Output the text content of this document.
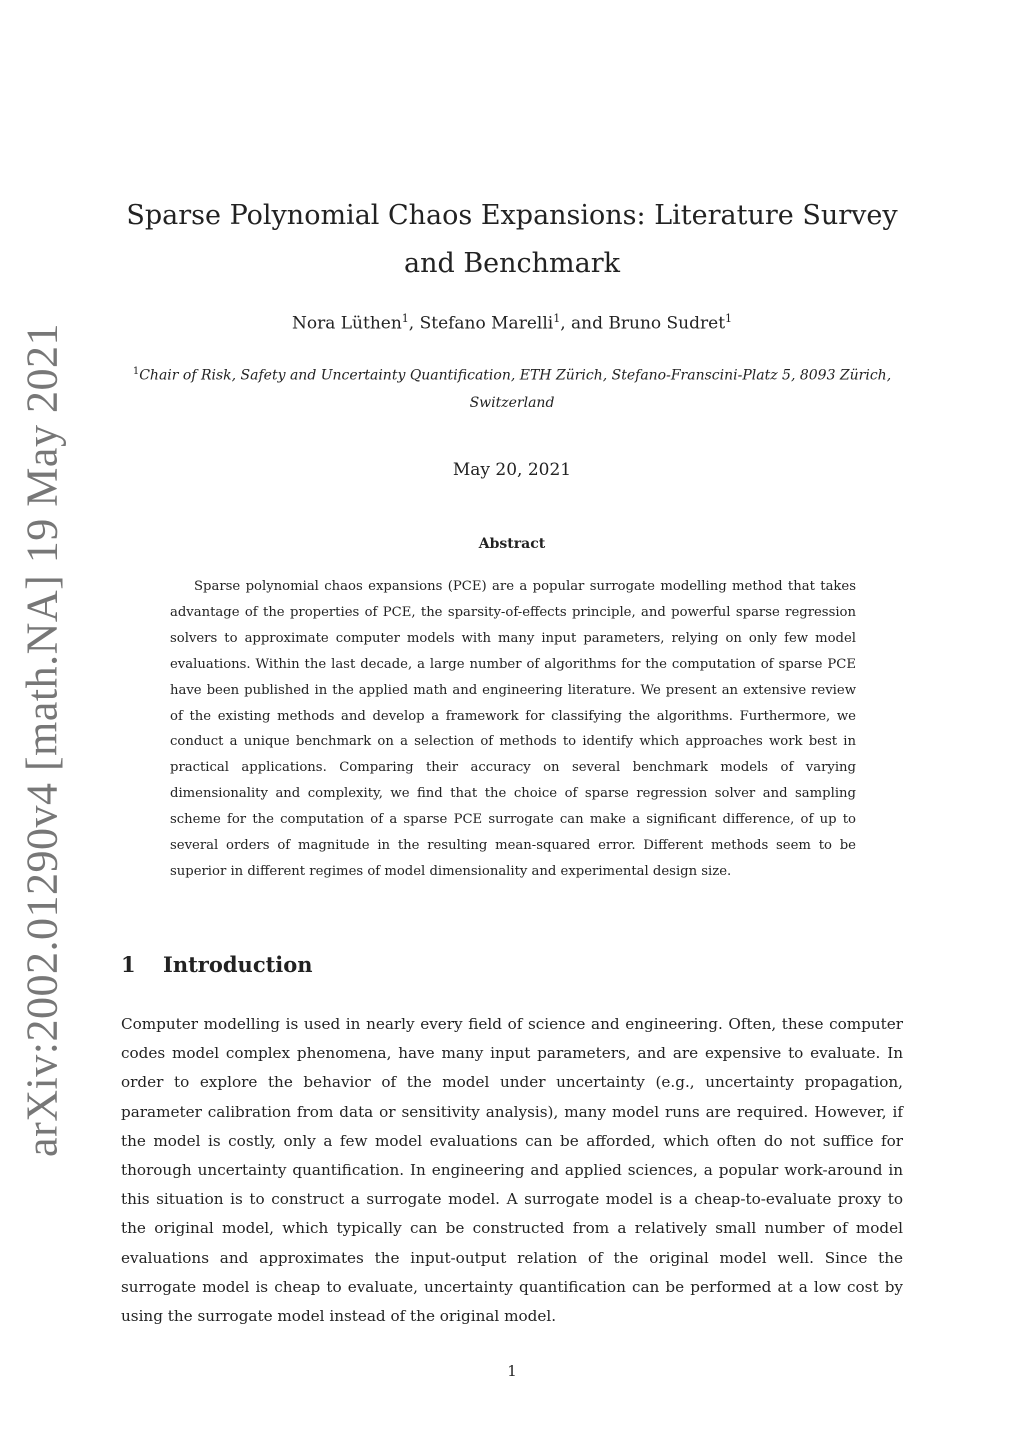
arXiv:2002.01290v4 [math.NA] 19 May 2021
Sparse Polynomial Chaos Expansions: Literature Survey and Benchmark
Nora Lüthen$^1$, Stefano Marelli$^1$, and Bruno Sudret$^1$
$^1$Chair of Risk, Safety and Uncertainty Quantification, ETH Zürich, Stefano-Franscini-Platz 5, 8093 Zürich, Switzerland
May 20, 2021
Abstract
Sparse polynomial chaos expansions (PCE) are a popular surrogate modelling method that takes advantage of the properties of PCE, the sparsity-of-effects principle, and powerful sparse regression solvers to approximate computer models with many input parameters, relying on only few model evaluations. Within the last decade, a large number of algorithms for the computation of sparse PCE have been published in the applied math and engineering literature. We present an extensive review of the existing methods and develop a framework for classifying the algorithms. Furthermore, we conduct a unique benchmark on a selection of methods to identify which approaches work best in practical applications. Comparing their accuracy on several benchmark models of varying dimensionality and complexity, we find that the choice of sparse regression solver and sampling scheme for the computation of a sparse PCE surrogate can make a significant difference, of up to several orders of magnitude in the resulting mean-squared error. Different methods seem to be superior in different regimes of model dimensionality and experimental design size.
1 Introduction
Computer modelling is used in nearly every field of science and engineering. Often, these computer codes model complex phenomena, have many input parameters, and are expensive to evaluate. In order to explore the behavior of the model under uncertainty (e.g., uncertainty propagation, parameter calibration from data or sensitivity analysis), many model runs are required. However, if the model is costly, only a few model evaluations can be afforded, which often do not suffice for thorough uncertainty quantification. In engineering and applied sciences, a popular work-around in this situation is to construct a surrogate model. A surrogate model is a cheap-to-evaluate proxy to the original model, which typically can be constructed from a relatively small number of model evaluations and approximates the input-output relation of the original model well. Since the surrogate model is cheap to evaluate, uncertainty quantification can be performed at a low cost by using the surrogate model instead of the original model.
1
